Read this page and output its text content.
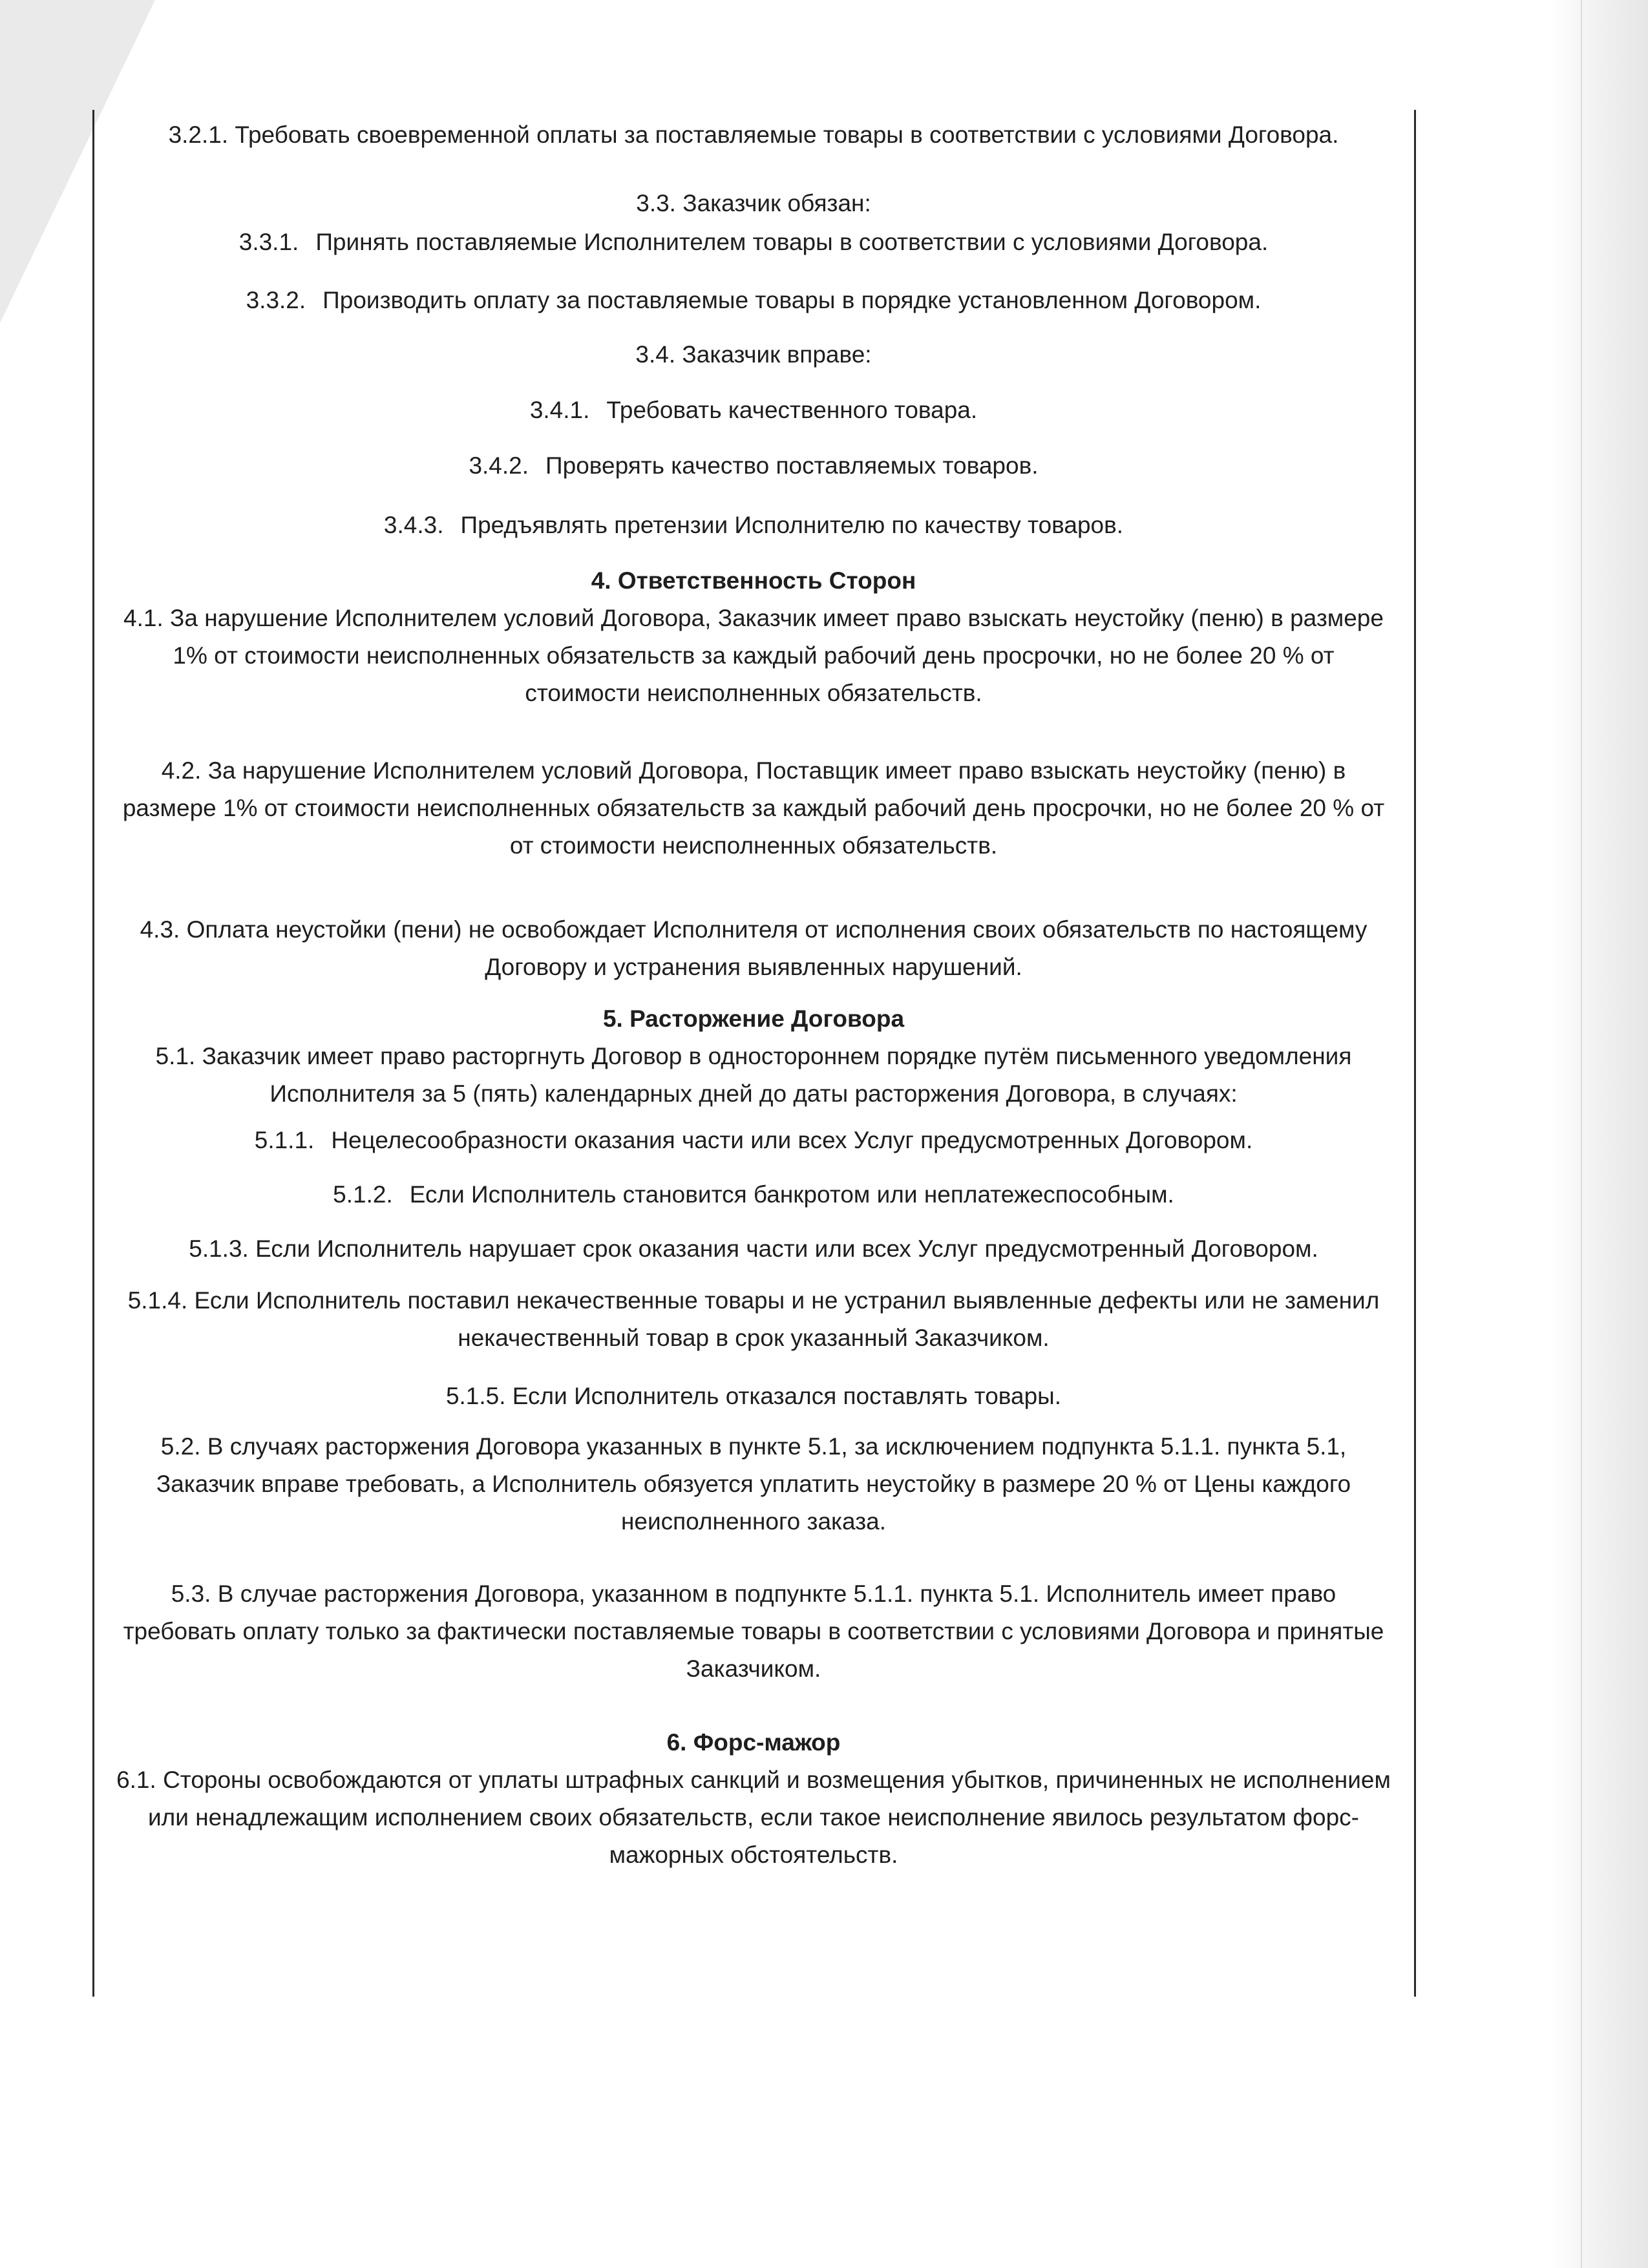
3.2.1. Требовать своевременной оплаты за поставляемые товары в соответствии с условиями Договора.

3.3. Заказчик обязан:

3.3.1. Принять поставляемые Исполнителем товары в соответствии с условиями Договора.

3.3.2. Производить оплату за поставляемые товары в порядке установленном Договором.

3.4. Заказчик вправе:

3.4.1. Требовать качественного товара.

3.4.2. Проверять качество поставляемых товаров.

3.4.3. Предъявлять претензии Исполнителю по качеству товаров.

4. Ответственность Сторон

4.1. За нарушение Исполнителем условий Договора, Заказчик имеет право взыскать неустойку (пеню) в размере

1% от стоимости неисполненных обязательств за каждый рабочий день просрочки, но не более 20 % от

стоимости неисполненных обязательств.

4.2. За нарушение Исполнителем условий Договора, Поставщик имеет право взыскать неустойку (пеню) в

размере 1% от стоимости неисполненных обязательств за каждый рабочий день просрочки, но не более 20 % от

от стоимости неисполненных обязательств.

4.3. Оплата неустойки (пени) не освобождает Исполнителя от исполнения своих обязательств по настоящему

Договору и устранения выявленных нарушений.

5. Расторжение Договора

5.1. Заказчик имеет право расторгнуть Договор в одностороннем порядке путём письменного уведомления

Исполнителя за 5 (пять) календарных дней до даты расторжения Договора, в случаях:

5.1.1. Нецелесообразности оказания части или всех Услуг предусмотренных Договором.

5.1.2. Если Исполнитель становится банкротом или неплатежеспособным.

5.1.3. Если Исполнитель нарушает срок оказания части или всех Услуг предусмотренный Договором.

5.1.4. Если Исполнитель поставил некачественные товары и не устранил выявленные дефекты или не заменил

некачественный товар в срок указанный Заказчиком.

5.1.5. Если Исполнитель отказался поставлять товары.

5.2. В случаях расторжения Договора указанных в пункте 5.1, за исключением подпункта 5.1.1. пункта 5.1,

Заказчик вправе требовать, а Исполнитель обязуется уплатить неустойку в размере 20 % от Цены каждого

неисполненного заказа.

5.3. В случае расторжения Договора, указанном в подпункте 5.1.1. пункта 5.1. Исполнитель имеет право

требовать оплату только за фактически поставляемые товары в соответствии с условиями Договора и принятые

Заказчиком.

6. Форс-мажор

6.1. Стороны освобождаются от уплаты штрафных санкций и возмещения убытков, причиненных не исполнением

или ненадлежащим исполнением своих обязательств, если такое неисполнение явилось результатом форс-

мажорных обстоятельств.
